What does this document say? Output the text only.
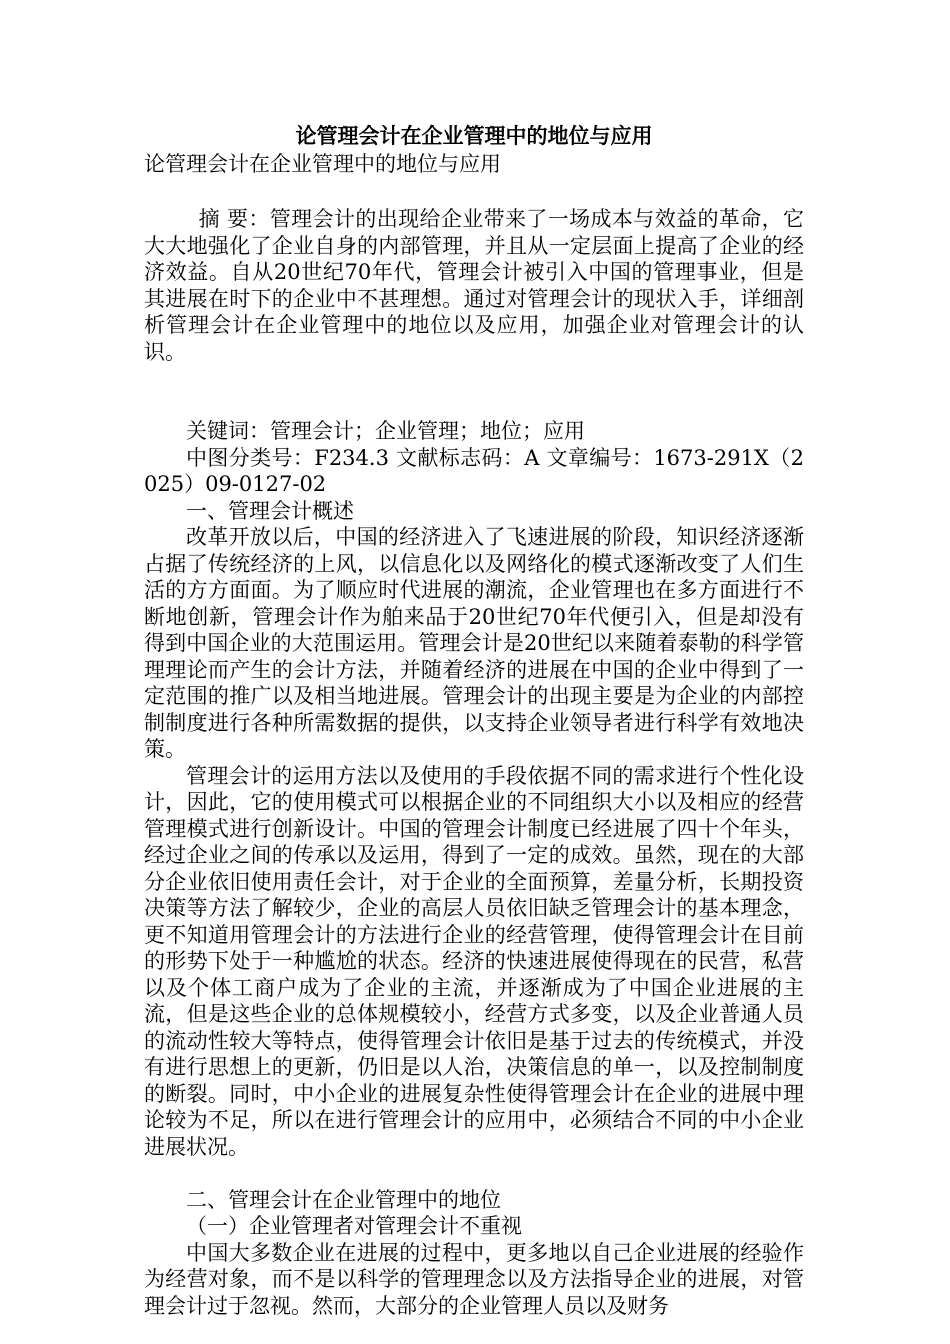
论管理会计在企业管理中的地位与应用

论管理会计在企业管理中的地位与应用

摘 要：管理会计的出现给企业带来了一场成本与效益的革命，它大大地强化了企业自身的内部管理，并且从一定层面上提高了企业的经济效益。自从20世纪70年代，管理会计被引入中国的管理事业，但是其进展在时下的企业中不甚理想。通过对管理会计的现状入手，详细剖析管理会计在企业管理中的地位以及应用，加强企业对管理会计的认识。

关键词：管理会计；企业管理；地位；应用

中图分类号：F234.3 文献标志码：A 文章编号：1673-291X（2025）09-0127-02

一、管理会计概述

改革开放以后，中国的经济进入了飞速进展的阶段，知识经济逐渐占据了传统经济的上风，以信息化以及网络化的模式逐渐改变了人们生活的方方面面。为了顺应时代进展的潮流，企业管理也在多方面进行不断地创新，管理会计作为舶来品于20世纪70年代便引入，但是却没有得到中国企业的大范围运用。管理会计是20世纪以来随着泰勒的科学管理理论而产生的会计方法，并随着经济的进展在中国的企业中得到了一定范围的推广以及相当地进展。管理会计的出现主要是为企业的内部控制制度进行各种所需数据的提供，以支持企业领导者进行科学有效地决策。

管理会计的运用方法以及使用的手段依据不同的需求进行个性化设计，因此，它的使用模式可以根据企业的不同组织大小以及相应的经营管理模式进行创新设计。中国的管理会计制度已经进展了四十个年头，经过企业之间的传承以及运用，得到了一定的成效。虽然，现在的大部分企业依旧使用责任会计，对于企业的全面预算，差量分析，长期投资决策等方法了解较少，企业的高层人员依旧缺乏管理会计的基本理念，更不知道用管理会计的方法进行企业的经营管理，使得管理会计在目前的形势下处于一种尴尬的状态。经济的快速进展使得现在的民营，私营以及个体工商户成为了企业的主流，并逐渐成为了中国企业进展的主流，但是这些企业的总体规模较小，经营方式多变，以及企业普通人员的流动性较大等特点，使得管理会计依旧是基于过去的传统模式，并没有进行思想上的更新，仍旧是以人治，决策信息的单一，以及控制制度的断裂。同时，中小企业的进展复杂性使得管理会计在企业的进展中理论较为不足，所以在进行管理会计的应用中，必须结合不同的中小企业进展状况。

二、管理会计在企业管理中的地位

（一）企业管理者对管理会计不重视

中国大多数企业在进展的过程中，更多地以自己企业进展的经验作为经营对象，而不是以科学的管理理念以及方法指导企业的进展，对管理会计过于忽视。然而，大部分的企业管理人员以及财务
